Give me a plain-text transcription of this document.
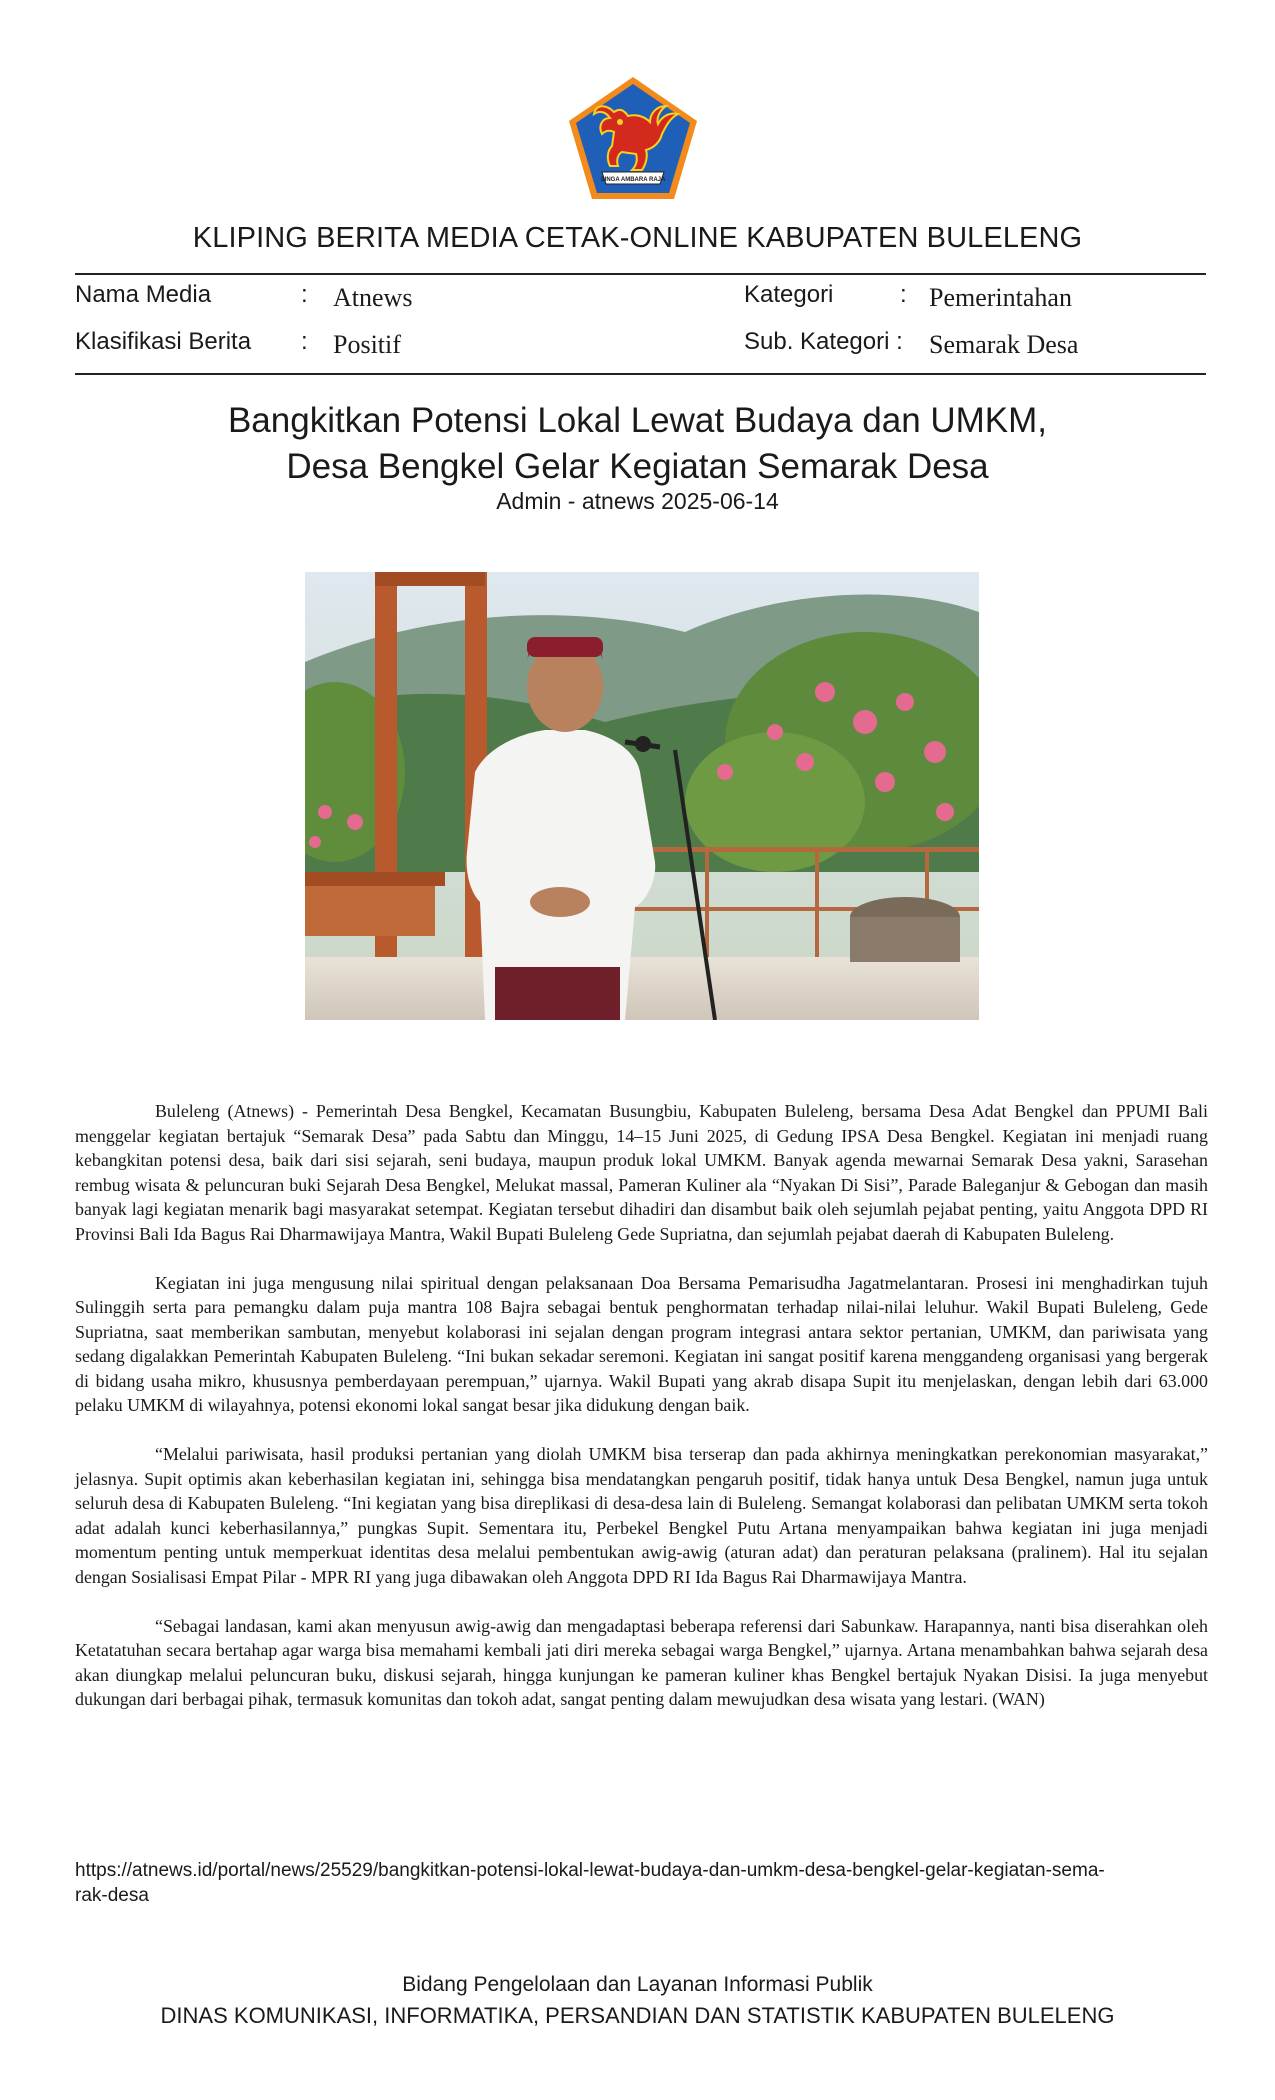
SINGA AMBARA RAJA
KLIPING BERITA MEDIA CETAK-ONLINE KABUPATEN BULELENG
Nama Media	: Atnews	Kategori	: Pemerintahan
Klasifikasi Berita : Positif	Sub. Kategori : Semarak Desa
Bangkitkan Potensi Lokal Lewat Budaya dan UMKM,
Desa Bengkel Gelar Kegiatan Semarak Desa
Admin - atnews 2025-06-14

Buleleng (Atnews) - Pemerintah Desa Bengkel, Kecamatan Busungbiu, Kabupaten Buleleng, bersama Desa Adat Bengkel dan PPUMI Bali menggelar kegiatan bertajuk “Semarak Desa” pada Sabtu dan Minggu, 14–15 Juni 2025, di Gedung IPSA Desa Bengkel. Kegiatan ini menjadi ruang kebangkitan potensi desa, baik dari sisi sejarah, seni budaya, maupun produk lokal UMKM. Banyak agenda mewarnai Semarak Desa yakni, Sarasehan rembug wisata & peluncuran buki Sejarah Desa Bengkel, Melukat massal, Pameran Kuliner ala “Nyakan Di Sisi”, Parade Baleganjur & Gebogan dan masih banyak lagi kegiatan menarik bagi masyarakat setempat. Kegiatan tersebut dihadiri dan disambut baik oleh sejumlah pejabat penting, yaitu Anggota DPD RI Provinsi Bali Ida Bagus Rai Dharmawijaya Mantra, Wakil Bupati Buleleng Gede Supriatna, dan sejumlah pejabat daerah di Kabupaten Buleleng.

Kegiatan ini juga mengusung nilai spiritual dengan pelaksanaan Doa Bersama Pemarisudha Jagatmelantaran. Prosesi ini menghadirkan tujuh Sulinggih serta para pemangku dalam puja mantra 108 Bajra sebagai bentuk penghormatan terhadap nilai-nilai leluhur. Wakil Bupati Buleleng, Gede Supriatna, saat memberikan sambutan, menyebut kolaborasi ini sejalan dengan program integrasi antara sektor pertanian, UMKM, dan pariwisata yang sedang digalakkan Pemerintah Kabupaten Buleleng. “Ini bukan sekadar seremoni. Kegiatan ini sangat positif karena menggandeng organisasi yang bergerak di bidang usaha mikro, khususnya pemberdayaan perempuan,” ujarnya. Wakil Bupati yang akrab disapa Supit itu menjelaskan, dengan lebih dari 63.000 pelaku UMKM di wilayahnya, potensi ekonomi lokal sangat besar jika didukung dengan baik.

“Melalui pariwisata, hasil produksi pertanian yang diolah UMKM bisa terserap dan pada akhirnya meningkatkan perekonomian masyarakat,” jelasnya. Supit optimis akan keberhasilan kegiatan ini, sehingga bisa mendatangkan pengaruh positif, tidak hanya untuk Desa Bengkel, namun juga untuk seluruh desa di Kabupaten Buleleng. “Ini kegiatan yang bisa direplikasi di desa-desa lain di Buleleng. Semangat kolaborasi dan pelibatan UMKM serta tokoh adat adalah kunci keberhasilannya,” pungkas Supit. Sementara itu, Perbekel Bengkel Putu Artana menyampaikan bahwa kegiatan ini juga menjadi momentum penting untuk memperkuat identitas desa melalui pembentukan awig-awig (aturan adat) dan peraturan pelaksana (pralinem). Hal itu sejalan dengan Sosialisasi Empat Pilar - MPR RI yang juga dibawakan oleh Anggota DPD RI Ida Bagus Rai Dharmawijaya Mantra.

“Sebagai landasan, kami akan menyusun awig-awig dan mengadaptasi beberapa referensi dari Sabunkaw. Harapannya, nanti bisa diserahkan oleh Ketatatuhan secara bertahap agar warga bisa memahami kembali jati diri mereka sebagai warga Bengkel,” ujarnya. Artana menambahkan bahwa sejarah desa akan diungkap melalui peluncuran buku, diskusi sejarah, hingga kunjungan ke pameran kuliner khas Bengkel bertajuk Nyakan Disisi. Ia juga menyebut dukungan dari berbagai pihak, termasuk komunitas dan tokoh adat, sangat penting dalam mewujudkan desa wisata yang lestari. (WAN)

https://atnews.id/portal/news/25529/bangkitkan-potensi-lokal-lewat-budaya-dan-umkm-desa-bengkel-gelar-kegiatan-sema-
rak-desa
Bidang Pengelolaan dan Layanan Informasi Publik
DINAS KOMUNIKASI, INFORMATIKA, PERSANDIAN DAN STATISTIK KABUPATEN BULELENG
